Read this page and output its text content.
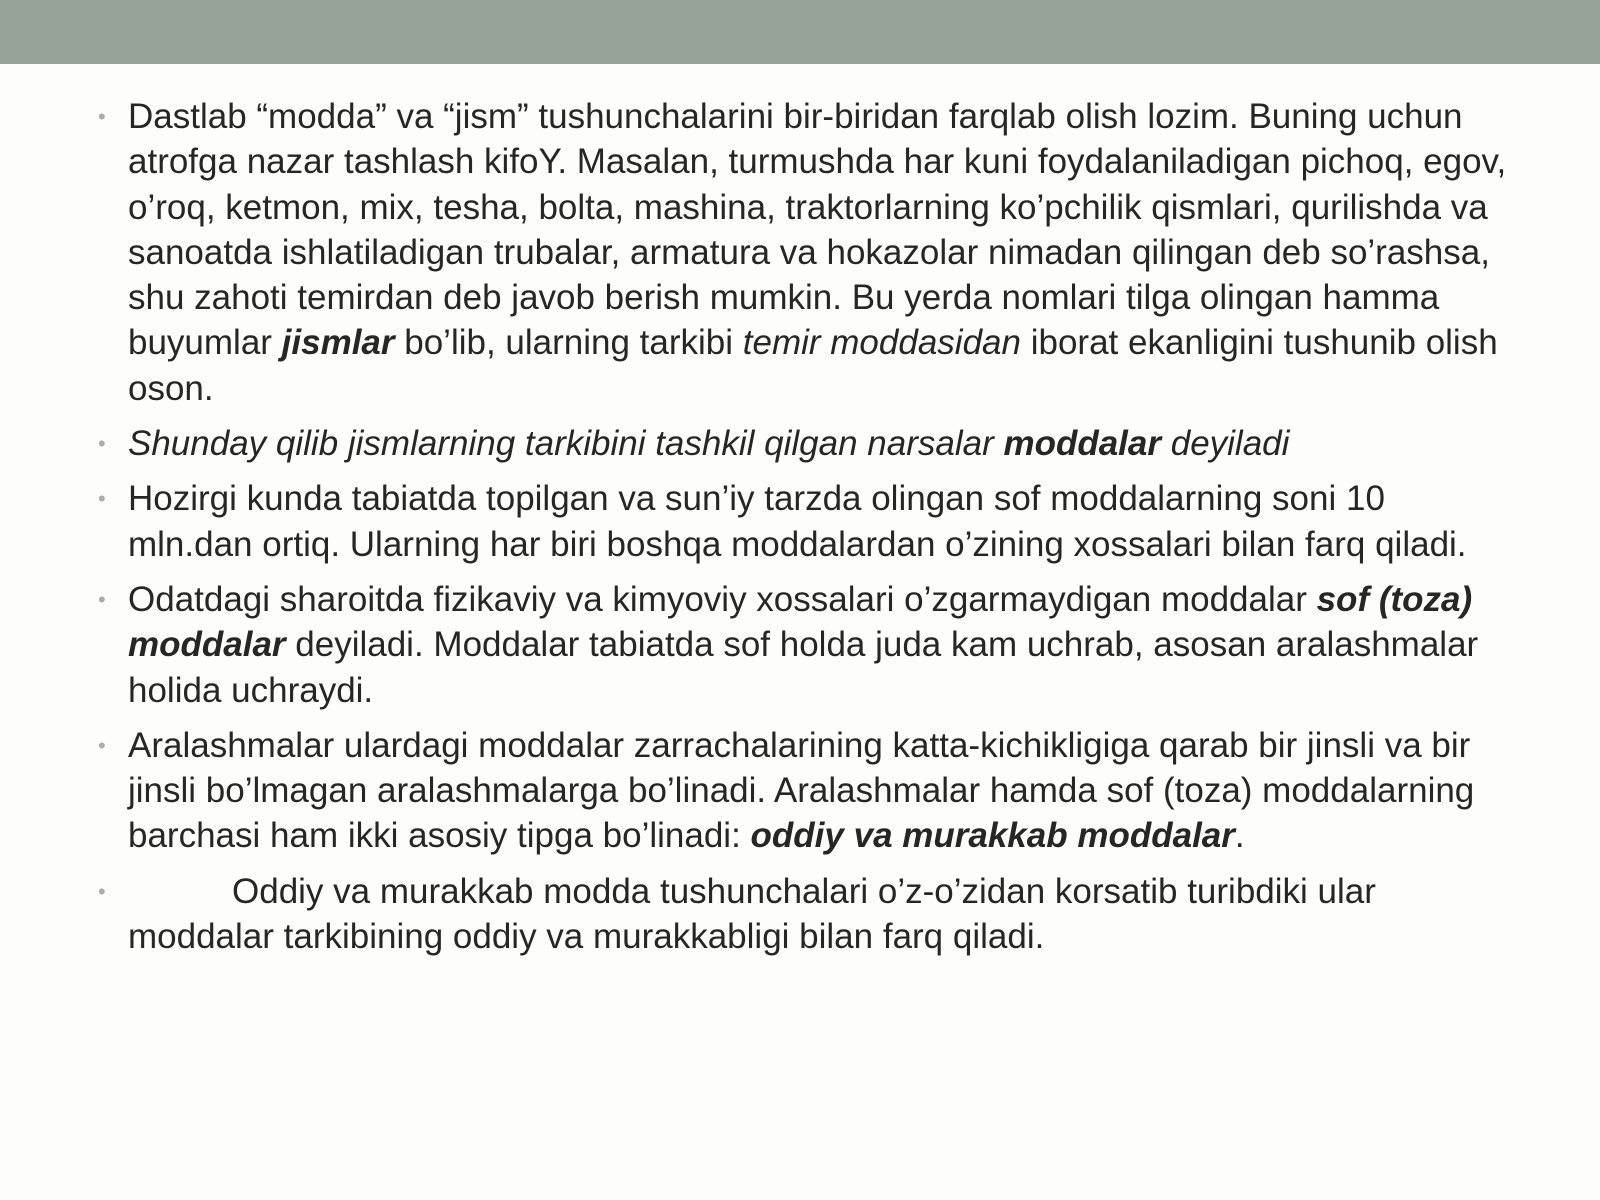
• Dastlab “modda” va “jism” tushunchalarini bir-biridan farqlab olish lozim. Buning uchun atrofga nazar tashlash kifoY. Masalan, turmushda har kuni foydalaniladigan pichoq, egov, o’roq, ketmon, mix, tesha, bolta, mashina, traktorlarning ko’pchilik qismlari, qurilishda va sanoatda ishlatiladigan trubalar, armatura va hokazolar nimadan qilingan deb so’rashsa, shu zahoti temirdan deb javob berish mumkin. Bu yerda nomlari tilga olingan hamma buyumlar jismlar bo’lib, ularning tarkibi temir moddasidan iborat ekanligini tushunib olish oson.
• Shunday qilib jismlarning tarkibini tashkil qilgan narsalar moddalar deyiladi
• Hozirgi kunda tabiatda topilgan va sun’iy tarzda olingan sof moddalarning soni 10 mln.dan ortiq. Ularning har biri boshqa moddalardan o’zining xossalari bilan farq qiladi.
• Odatdagi sharoitda fizikaviy va kimyoviy xossalari o’zgarmaydigan moddalar sof (toza) moddalar deyiladi. Moddalar tabiatda sof holda juda kam uchrab, asosan aralashmalar holida uchraydi.
• Aralashmalar ulardagi moddalar zarrachalarining katta-kichikligiga qarab bir jinsli va bir jinsli bo’lmagan aralashmalarga bo’linadi. Aralashmalar hamda sof (toza) moddalarning barchasi ham ikki asosiy tipga bo’linadi: oddiy va murakkab moddalar.
•	Oddiy va murakkab modda tushunchalari o’z-o’zidan korsatib turibdiki ular moddalar tarkibining oddiy va murakkabligi bilan farq qiladi.
